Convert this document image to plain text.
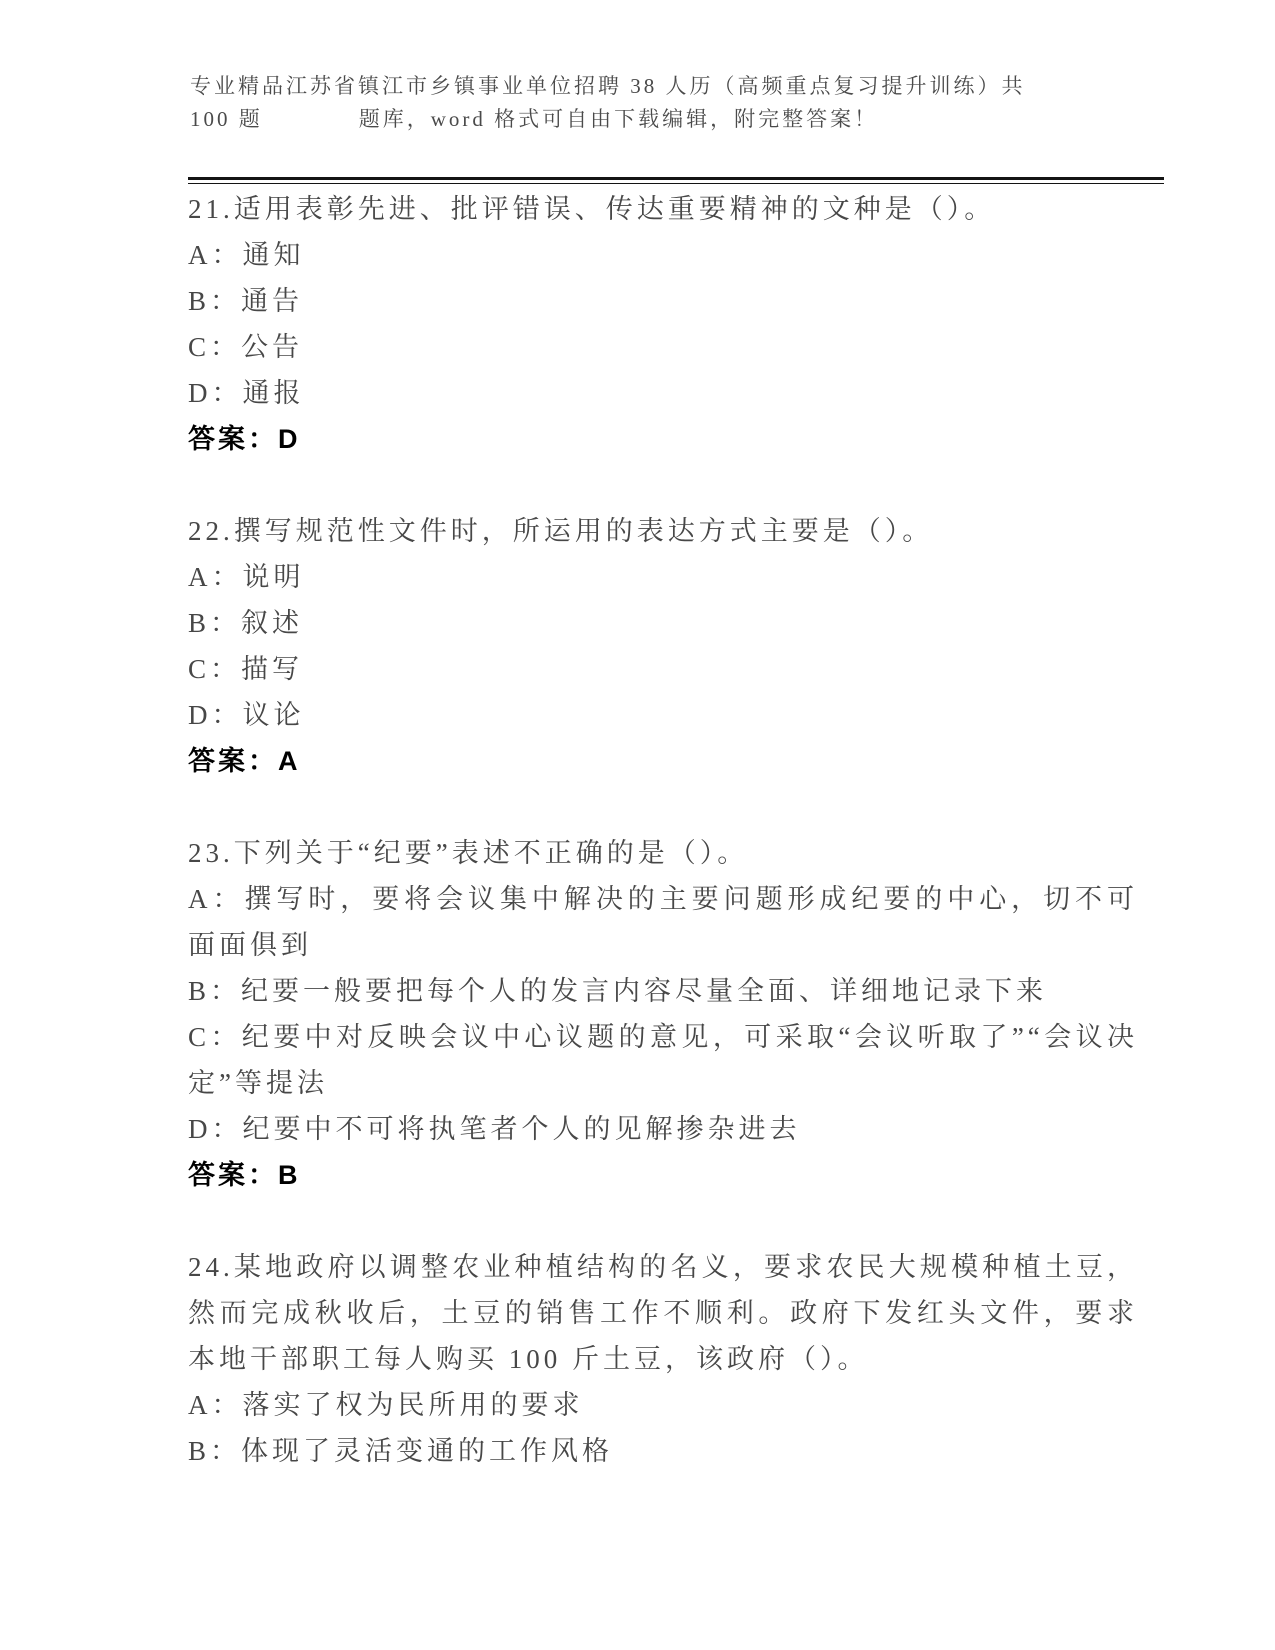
专业精品江苏省镇江市乡镇事业单位招聘 38 人历（高频重点复习提升训练）共
100 题　　　　题库，word 格式可自由下载编辑，附完整答案！
21.适用表彰先进、批评错误、传达重要精神的文种是（）。
A：通知
B：通告
C：公告
D：通报
答案：D
22.撰写规范性文件时，所运用的表达方式主要是（）。
A：说明
B：叙述
C：描写
D：议论
答案：A
23.下列关于“纪要”表述不正确的是（）。
A：撰写时，要将会议集中解决的主要问题形成纪要的中心，切不可面面俱到
B：纪要一般要把每个人的发言内容尽量全面、详细地记录下来
C：纪要中对反映会议中心议题的意见，可采取“会议听取了”“会议决定”等提法
D：纪要中不可将执笔者个人的见解掺杂进去
答案：B
24.某地政府以调整农业种植结构的名义，要求农民大规模种植土豆，然而完成秋收后，土豆的销售工作不顺利。政府下发红头文件，要求本地干部职工每人购买 100 斤土豆，该政府（）。
A：落实了权为民所用的要求
B：体现了灵活变通的工作风格
